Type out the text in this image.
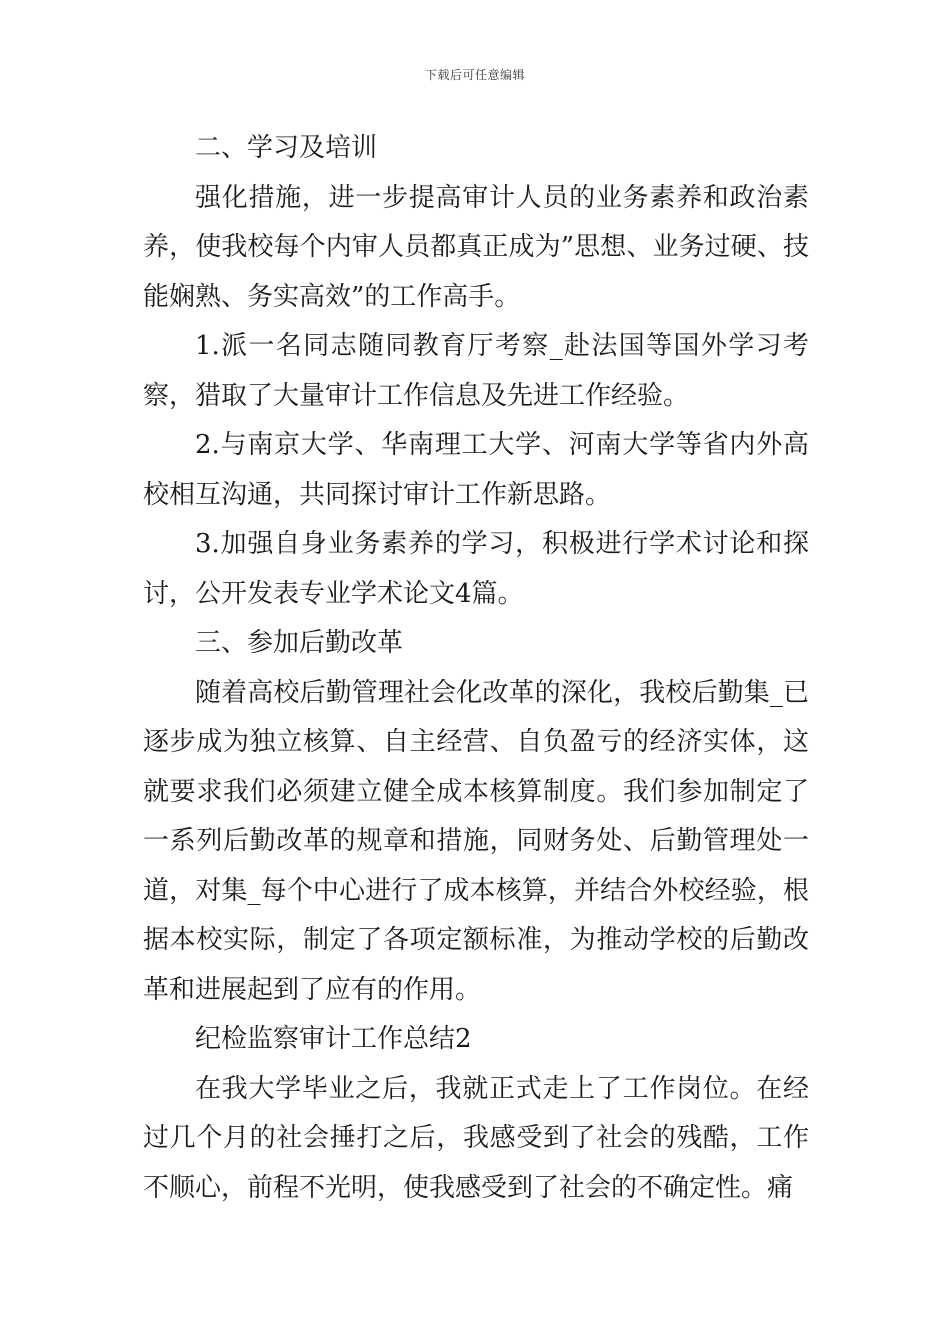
下载后可任意编辑

二、学习及培训

强化措施，进一步提高审计人员的业务素养和政治素养，使我校每个内审人员都真正成为”思想、业务过硬、技能娴熟、务实高效”的工作高手。

1.派一名同志随同教育厅考察_赴法国等国外学习考察，猎取了大量审计工作信息及先进工作经验。

2.与南京大学、华南理工大学、河南大学等省内外高校相互沟通，共同探讨审计工作新思路。

3.加强自身业务素养的学习，积极进行学术讨论和探讨，公开发表专业学术论文4篇。

三、参加后勤改革

随着高校后勤管理社会化改革的深化，我校后勤集_已逐步成为独立核算、自主经营、自负盈亏的经济实体，这就要求我们必须建立健全成本核算制度。我们参加制定了一系列后勤改革的规章和措施，同财务处、后勤管理处一道，对集_每个中心进行了成本核算，并结合外校经验，根据本校实际，制定了各项定额标准，为推动学校的后勤改革和进展起到了应有的作用。

纪检监察审计工作总结2

在我大学毕业之后，我就正式走上了工作岗位。在经过几个月的社会捶打之后，我感受到了社会的残酷，工作不顺心，前程不光明，使我感受到了社会的不确定性。痛
